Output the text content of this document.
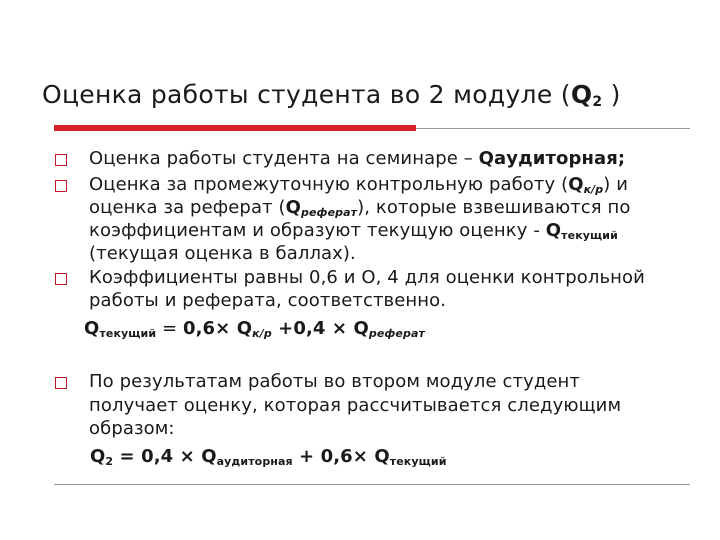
Оценка работы студента во 2 модуле ($Q_2$ )
Оценка работы студента на семинаре – Qаудиторная;
Оценка за промежуточную контрольную работу $(Q_{к/р})$ и
оценка за реферат $(Q_{реферат})$, которые взвешиваются по
коэффициентам и образуют текущую оценку - $Q_{текущий}$
(текущая оценка в баллах).
Коэффициенты равны 0,6 и О, 4 для оценки контрольной
работы и реферата, соответственно.
$Q_{текущий} = 0,6\times Q_{к/р} +0,4 \times Q_{реферат}$
По результатам работы во втором модуле студент
получает оценку, которая рассчитывается следующим
образом:
$Q_2 = 0,4 \times Q_{аудиторная} + 0,6\times Q_{текущий}$
